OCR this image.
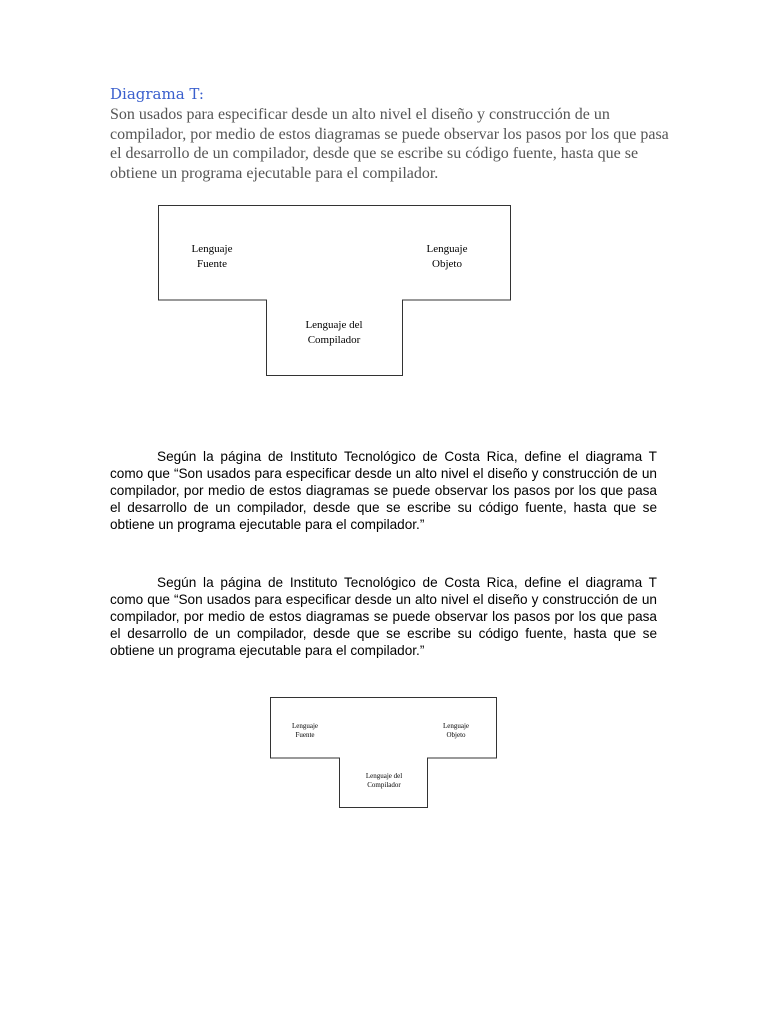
Diagrama T:

Son usados para especificar desde un alto nivel el diseño y construcción de un compilador, por medio de estos diagramas se puede observar los pasos por los que pasa el desarrollo de un compilador, desde que se escribe su código fuente, hasta que se obtiene un programa ejecutable para el compilador.

Lenguaje
Fuente
Lenguaje
Objeto
Lenguaje del
Compilador

Según la página de Instituto Tecnológico de Costa Rica, define el diagrama T como que “Son usados para especificar desde un alto nivel el diseño y construcción de un compilador, por medio de estos diagramas se puede observar los pasos por los que pasa el desarrollo de un compilador, desde que se escribe su código fuente, hasta que se obtiene un programa ejecutable para el compilador.”

Según la página de Instituto Tecnológico de Costa Rica, define el diagrama T como que “Son usados para especificar desde un alto nivel el diseño y construcción de un compilador, por medio de estos diagramas se puede observar los pasos por los que pasa el desarrollo de un compilador, desde que se escribe su código fuente, hasta que se obtiene un programa ejecutable para el compilador.”

Lenguaje
Fuente
Lenguaje
Objeto
Lenguaje del
Compilador
